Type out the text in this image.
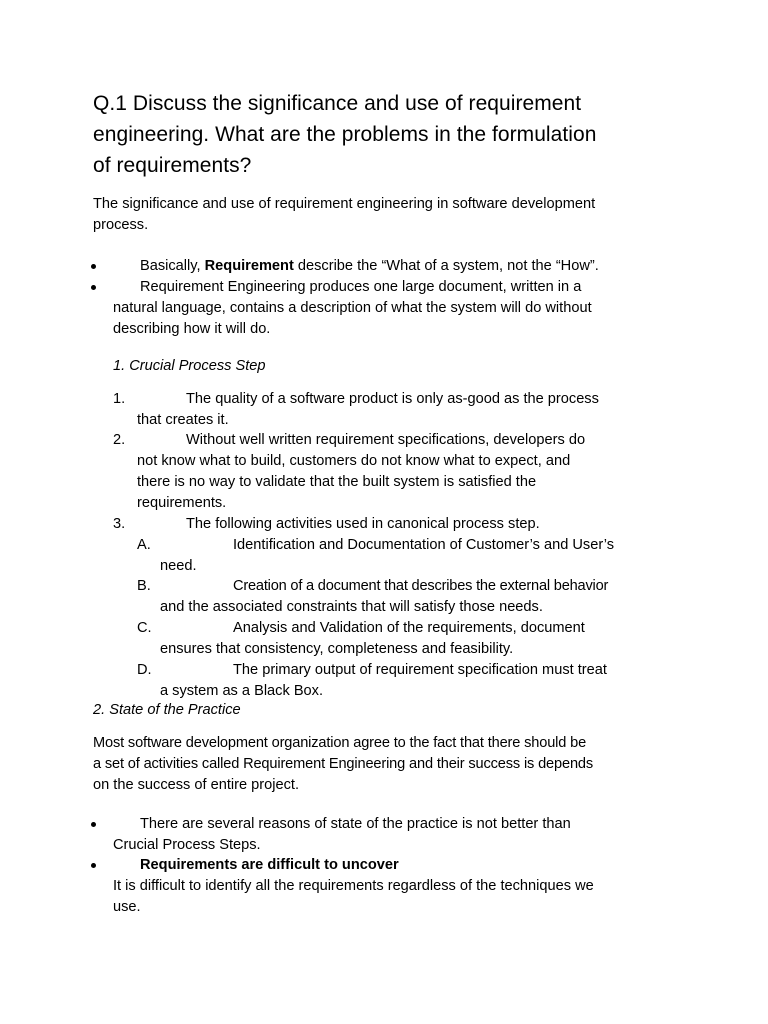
Q.1 Discuss the significance and use of requirement
engineering. What are the problems in the formulation
of requirements?
The significance and use of requirement engineering in software development
process.
Basically, Requirement describe the “What of a system, not the “How”.
Requirement Engineering produces one large document, written in a
natural language, contains a description of what the system will do without
describing how it will do.
1. Crucial Process Step
1.	The quality of a software product is only as-good as the process
that creates it.
2.	Without well written requirement specifications, developers do
not know what to build, customers do not know what to expect, and
there is no way to validate that the built system is satisfied the
requirements.
3.	The following activities used in canonical process step.
A.	Identification and Documentation of Customer’s and User’s
need.
B.	Creation of a document that describes the external behavior
and the associated constraints that will satisfy those needs.
C.	Analysis and Validation of the requirements, document
ensures that consistency, completeness and feasibility.
D.	The primary output of requirement specification must treat
a system as a Black Box.
2. State of the Practice
Most software development organization agree to the fact that there should be
a set of activities called Requirement Engineering and their success is depends
on the success of entire project.
There are several reasons of state of the practice is not better than
Crucial Process Steps.
Requirements are difficult to uncover
It is difficult to identify all the requirements regardless of the techniques we
use.
